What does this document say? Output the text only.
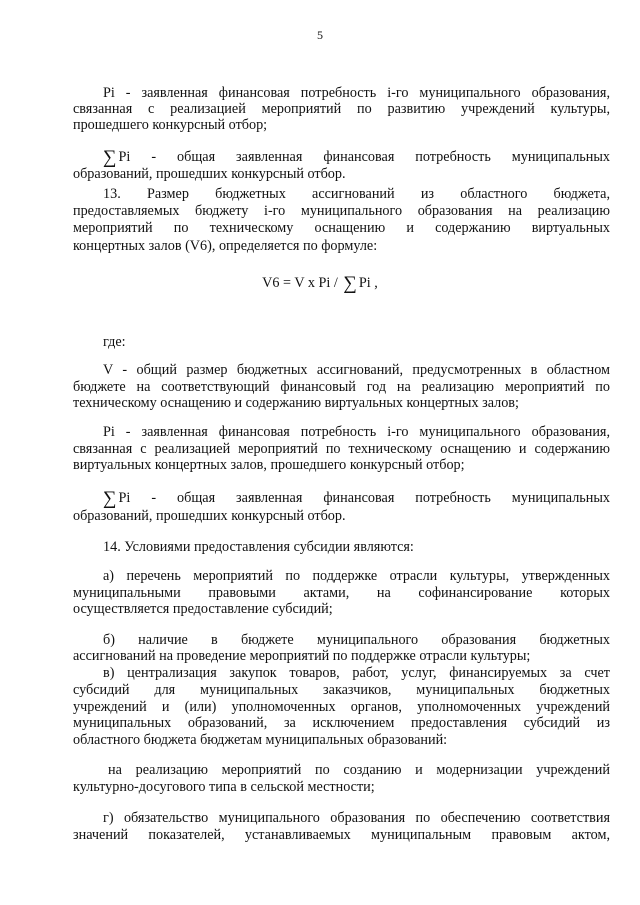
5
Pi - заявленная финансовая потребность i-го муниципального образования,
связанная с реализацией мероприятий по развитию учреждений культуры,
прошедшего конкурсный отбор;
∑ Pi - общая заявленная финансовая потребность муниципальных
образований, прошедших конкурсный отбор.
13. Размер бюджетных ассигнований из областного бюджета,
предоставляемых бюджету i-го муниципального образования на реализацию
мероприятий по техническому оснащению и содержанию виртуальных
концертных залов (V6), определяется по формуле:
V6 = V x Pi / ∑ Pi ,
где:
V - общий размер бюджетных ассигнований, предусмотренных в областном
бюджете на соответствующий финансовый год на реализацию мероприятий по
техническому оснащению и содержанию виртуальных концертных залов;
Pi - заявленная финансовая потребность i-го муниципального образования,
связанная с реализацией мероприятий по техническому оснащению и содержанию
виртуальных концертных залов, прошедшего конкурсный отбор;
∑ Pi - общая заявленная финансовая потребность муниципальных
образований, прошедших конкурсный отбор.
14. Условиями предоставления субсидии являются:
а) перечень мероприятий по поддержке отрасли культуры, утвержденных
муниципальными правовыми актами, на софинансирование которых
осуществляется предоставление субсидий;
б) наличие в бюджете муниципального образования бюджетных
ассигнований на проведение мероприятий по поддержке отрасли культуры;
в) централизация закупок товаров, работ, услуг, финансируемых за счет
субсидий для муниципальных заказчиков, муниципальных бюджетных
учреждений и (или) уполномоченных органов, уполномоченных учреждений
муниципальных образований, за исключением предоставления субсидий из
областного бюджета бюджетам муниципальных образований:
на реализацию мероприятий по созданию и модернизации учреждений
культурно-досугового типа в сельской местности;
г) обязательство муниципального образования по обеспечению соответствия
значений показателей, устанавливаемых муниципальным правовым актом,
